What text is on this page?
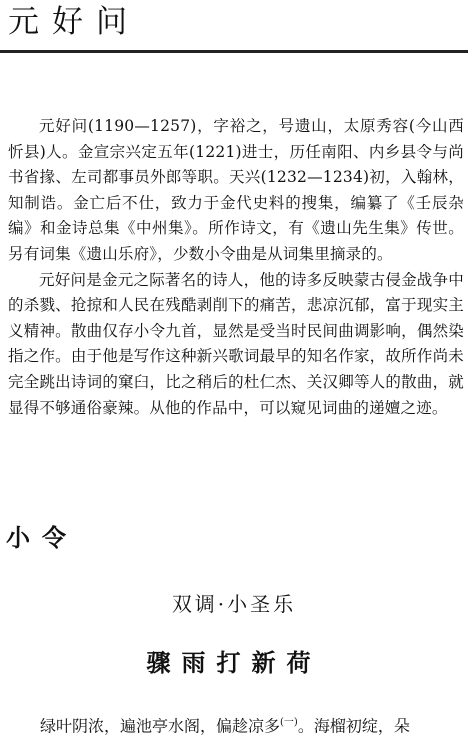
元好问

元好问(1190—1257)，字裕之，号遗山，太原秀容(今山西忻县)人。金宣宗兴定五年(1221)进士，历任南阳、内乡县令与尚书省掾、左司都事员外郎等职。天兴(1232—1234)初，入翰林，知制诰。金亡后不仕，致力于金代史料的搜集，编纂了《壬辰杂编》和金诗总集《中州集》。所作诗文，有《遗山先生集》传世。另有词集《遗山乐府》，少数小令曲是从词集里摘录的。

元好问是金元之际著名的诗人，他的诗多反映蒙古侵金战争中的杀戮、抢掠和人民在残酷剥削下的痛苦，悲凉沉郁，富于现实主义精神。散曲仅存小令九首，显然是受当时民间曲调影响，偶然染指之作。由于他是写作这种新兴歌词最早的知名作家，故所作尚未完全跳出诗词的窠臼，比之稍后的杜仁杰、关汉卿等人的散曲，就显得不够通俗豪辣。从他的作品中，可以窥见词曲的递嬗之迹。

小令
双调·小圣乐
骤雨打新荷

绿叶阴浓，遍池亭水阁，偏趁凉多$^{(一)}$。海榴初绽，朵
